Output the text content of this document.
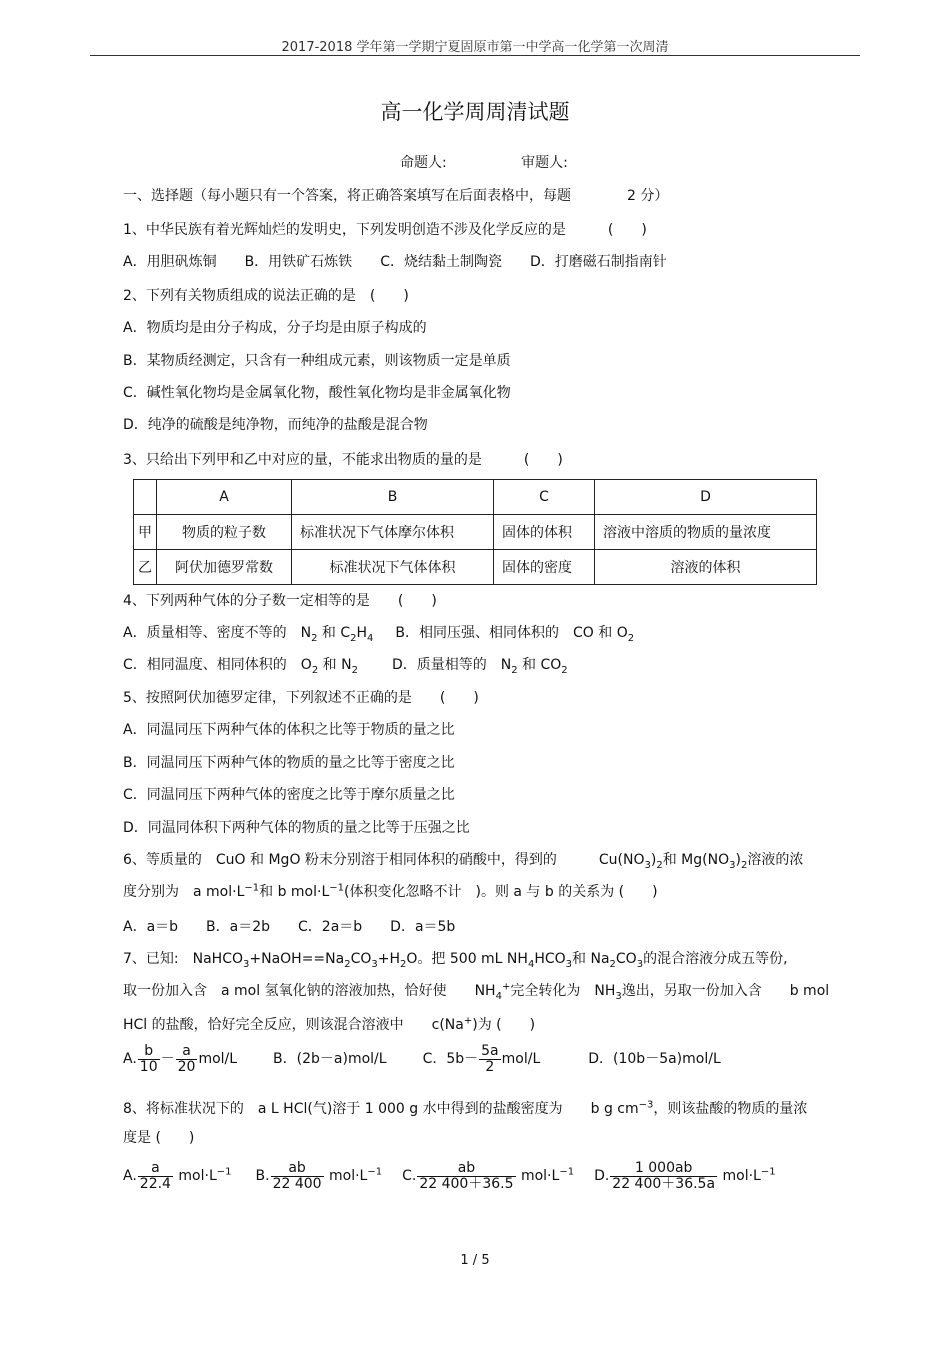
2017-2018 学年第一学期宁夏固原市第一中学高一化学第一次周清
高一化学周周清试题
命题人:	审题人:
一、选择题（每小题只有一个答案，将正确答案填写在后面表格中，每题　　　　2 分）
1、中华民族有着光辉灿烂的发明史，下列发明创造不涉及化学反应的是　　　(　　)
A．用胆矾炼铜 B．用铁矿石炼铁 C．烧结黏土制陶瓷 D．打磨磁石制指南针
2、下列有关物质组成的说法正确的是　(　　)
A．物质均是由分子构成，分子均是由原子构成的
B．某物质经测定，只含有一种组成元素，则该物质一定是单质
C．碱性氧化物均是金属氧化物，酸性氧化物均是非金属氧化物
D．纯净的硫酸是纯净物，而纯净的盐酸是混合物
3、只给出下列甲和乙中对应的量，不能求出物质的量的是　　　(　　)
	A	B	C	D
甲	物质的粒子数	标准状况下气体摩尔体积	固体的体积	溶液中溶质的物质的量浓度
乙	阿伏加德罗常数	标准状况下气体体积	固体的密度	溶液的体积
4、下列两种气体的分子数一定相等的是　　(　　)
A．质量相等、密度不等的　 $N_2$ 和 $C_2H_4$ B．相同压强、相同体积的　 CO 和 $O_2$
C．相同温度、相同体积的　 $O_2$ 和 $N_2$ D．质量相等的　 $N_2$ 和 $CO_2$
5、按照阿伏加德罗定律，下列叙述不正确的是　　(　　)
A．同温同压下两种气体的体积之比等于物质的量之比
B．同温同压下两种气体的物质的量之比等于密度之比
C．同温同压下两种气体的密度之比等于摩尔质量之比
D．同温同体积下两种气体的物质的量之比等于压强之比
6、等质量的　CuO 和 MgO 粉末分别溶于相同体积的硝酸中，得到的　　　$Cu(NO_3)_2$和 $Mg(NO_3)_2$溶液的浓
度分别为　a $mol\cdot L^{-1}$和 b $mol\cdot L^{-1}$(体积变化忽略不计　)。则 a 与 b 的关系为 (　　)
A．a＝b　　B．a＝2b　　C．2a＝b　　D．a＝5b
7、已知:　$NaHCO_3+NaOH==Na_2CO_3+H_2O$。把 500 mL $NH_4HCO_3$和 $Na_2CO_3$的混合溶液分成五等份,
取一份加入含　a mol 氢氧化钠的溶液加热，恰好使　　$NH_4^+$完全转化为　$NH_3$逸出，另取一份加入含　　b mol
HCl 的盐酸，恰好完全反应，则该混合溶液中　　c(Na+)为 (　　)
A. $\frac{b}{10} - \frac{a}{20} mol/L$	B．(2b－a)mol/L	C．$5b- \frac{5a}{2} mol/L$	D．(10b－5a)mol/L
8、将标准状况下的　a L HCl(气)溶于 1 000 g 水中得到的盐酸密度为　　b g $cm^{-3}$，则该盐酸的物质的量浓
度是 (　　)
A. $\frac{a}{22.4} mol\cdot L^{-1}$ B. $\frac{ab}{22 400} mol\cdot L^{-1}$ C. $\frac{ab}{22 400+36.5} mol\cdot L^{-1}$ D. $\frac{1 000ab}{22 400+36.5a} mol\cdot L^{-1}$
1 / 5
